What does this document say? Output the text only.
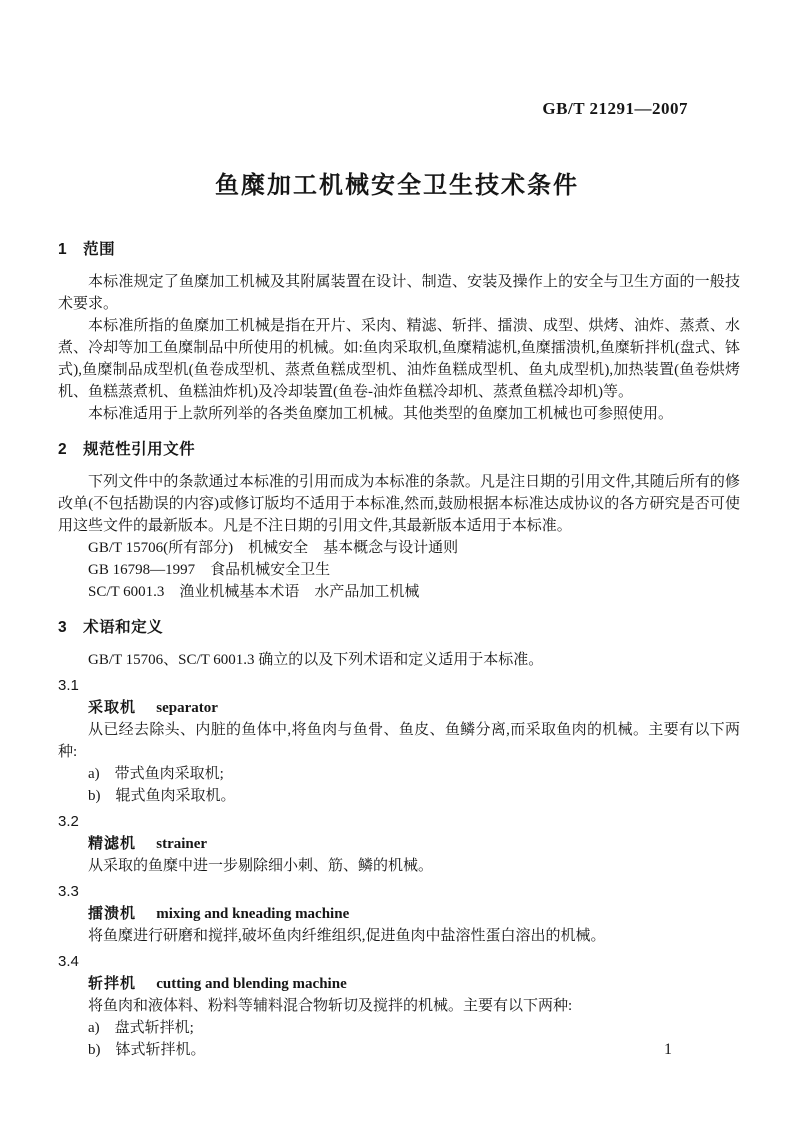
GB/T 21291—2007
鱼糜加工机械安全卫生技术条件
1　范围

本标准规定了鱼糜加工机械及其附属装置在设计、制造、安装及操作上的安全与卫生方面的一般技术要求。

本标准所指的鱼糜加工机械是指在开片、采肉、精滤、斩拌、擂溃、成型、烘烤、油炸、蒸煮、水煮、冷却等加工鱼糜制品中所使用的机械。如:鱼肉采取机,鱼糜精滤机,鱼糜擂溃机,鱼糜斩拌机(盘式、钵式),鱼糜制品成型机(鱼卷成型机、蒸煮鱼糕成型机、油炸鱼糕成型机、鱼丸成型机),加热装置(鱼卷烘烤机、鱼糕蒸煮机、鱼糕油炸机)及冷却装置(鱼卷-油炸鱼糕冷却机、蒸煮鱼糕冷却机)等。

本标准适用于上款所列举的各类鱼糜加工机械。其他类型的鱼糜加工机械也可参照使用。

2　规范性引用文件

下列文件中的条款通过本标准的引用而成为本标准的条款。凡是注日期的引用文件,其随后所有的修改单(不包括勘误的内容)或修订版均不适用于本标准,然而,鼓励根据本标准达成协议的各方研究是否可使用这些文件的最新版本。凡是不注日期的引用文件,其最新版本适用于本标准。

GB/T 15706(所有部分)　机械安全　基本概念与设计通则

GB 16798—1997　食品机械安全卫生

SC/T 6001.3　渔业机械基本术语　水产品加工机械

3　术语和定义

GB/T 15706、SC/T 6001.3 确立的以及下列术语和定义适用于本标准。

3.1

采取机 separator

从已经去除头、内脏的鱼体中,将鱼肉与鱼骨、鱼皮、鱼鳞分离,而采取鱼肉的机械。主要有以下两种:

a)　带式鱼肉采取机;

b)　辊式鱼肉采取机。

3.2

精滤机 strainer

从采取的鱼糜中进一步剔除细小刺、筋、鳞的机械。

3.3

擂溃机 mixing and kneading machine

将鱼糜进行研磨和搅拌,破坏鱼肉纤维组织,促进鱼肉中盐溶性蛋白溶出的机械。

3.4

斩拌机 cutting and blending machine

将鱼肉和液体料、粉料等辅料混合物斩切及搅拌的机械。主要有以下两种:

a)　盘式斩拌机;

b)　钵式斩拌机。	1
